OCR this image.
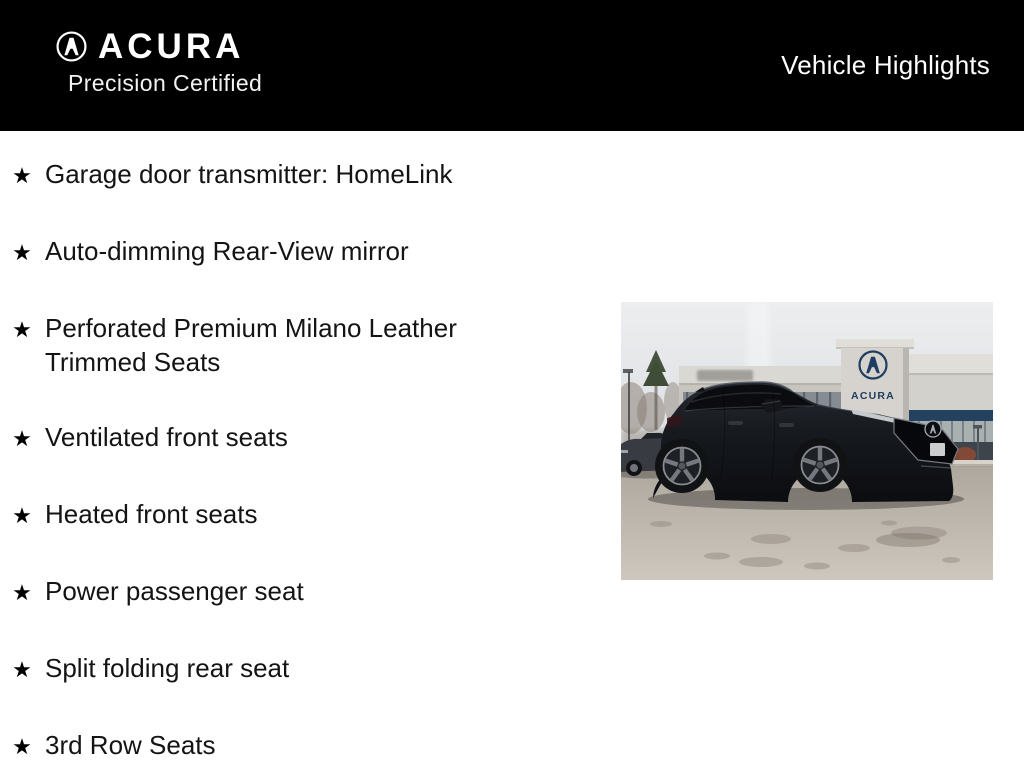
ACURA
Precision Certified
Vehicle Highlights
★ Garage door transmitter: HomeLink
★ Auto-dimming Rear-View mirror
★ Perforated Premium Milano Leather Trimmed Seats
★ Ventilated front seats
★ Heated front seats
★ Power passenger seat
★ Split folding rear seat
★ 3rd Row Seats
ACURA
